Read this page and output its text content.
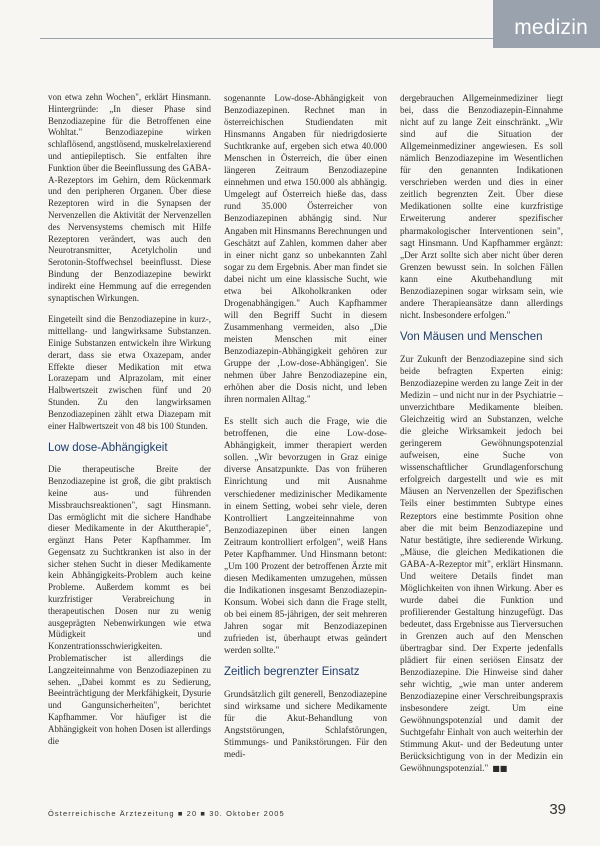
medizin

von etwa zehn Wochen", erklärt Hinsmann. Hintergründe: „In dieser Phase sind Benzodiazepine für die Betroffenen eine Wohltat." Benzodiazepine wirken schlaflösend, angstlösend, muskelrelaxierend und antiepileptisch. Sie entfalten ihre Funktion über die Beeinflussung des GABA-A-Rezeptors im Gehirn, dem Rückenmark und den peripheren Organen. Über diese Rezeptoren wird in die Synapsen der Nervenzellen die Aktivität der Nervenzellen des Nervensystems chemisch mit Hilfe Rezeptoren verändert, was auch den Neurotransmitter, Acetylcholin und Serotonin-Stoffwechsel beeinflusst. Diese Bindung der Benzodiazepine bewirkt indirekt eine Hemmung auf die erregenden synaptischen Wirkungen.

Eingeteilt sind die Benzodiazepine in kurz-, mittellang- und langwirksame Substanzen. Einige Substanzen entwickeln ihre Wirkung derart, dass sie etwa Oxazepam, ander Effekte dieser Medikation mit etwa Lorazepam und Alprazolam, mit einer Halbwertszeit zwischen fünf und 20 Stunden. Zu den langwirksamen Benzodiazepinen zählt etwa Diazepam mit einer Halbwertszeit von 48 bis 100 Stunden.

Low dose-Abhängigkeit

Die therapeutische Breite der Benzodiazepine ist groß, die gibt praktisch keine aus- und führenden Missbrauchsreaktionen", sagt Hinsmann. Das ermöglicht mit die sichere Handhabe dieser Medikamente in der Akuttherapie", ergänzt Hans Peter Kapfhammer. Im Gegensatz zu Suchtkranken ist also in der sicher stehen Sucht in dieser Medikamente kein Abhängigkeits-Problem auch keine Probleme. Außerdem kommt es bei kurzfristiger Verabreichung in therapeutischen Dosen nur zu wenig ausgeprägten Nebenwirkungen wie etwa Müdigkeit und Konzentrationsschwierigkeiten. Problematischer ist allerdings die Langzeiteinnahme von Benzodiazepinen zu sehen. „Dabei kommt es zu Sedierung, Beeinträchtigung der Merkfähigkeit, Dysurie und Gangunsicherheiten", berichtet Kapfhammer. Vor häufiger ist die Abhängigkeit von hohen Dosen ist allerdings die

sogenannte Low-dose-Abhängigkeit von Benzodiazepinen. Rechnet man in österreichischen Studiendaten mit Hinsmanns Angaben für niedrigdosierte Suchtkranke auf, ergeben sich etwa 40.000 Menschen in Österreich, die über einen längeren Zeitraum Benzodiazepine einnehmen und etwa 150.000 als abhängig. Umgelegt auf Österreich hieße das, dass rund 35.000 Österreicher von Benzodiazepinen abhängig sind. Nur Angaben mit Hinsmanns Berechnungen und Geschätzt auf Zahlen, kommen daher aber in einer nicht ganz so unbekannten Zahl sogar zu dem Ergebnis. Aber man findet sie dabei nicht um eine klassische Sucht, wie etwa bei Alkoholkranken oder Drogenabhängigen." Auch Kapfhammer will den Begriff Sucht in diesem Zusammenhang vermeiden, also „Die meisten Menschen mit einer Benzodiazepin-Abhängigkeit gehören zur Gruppe der ‚Low-dose-Abhängigen'. Sie nehmen über Jahre Benzodiazepine ein, erhöhen aber die Dosis nicht, und leben ihren normalen Alltag."

Es stellt sich auch die Frage, wie die betroffenen, die eine Low-dose-Abhängigkeit, immer therapiert werden sollen. „Wir bevorzugen in Graz einige diverse Ansatzpunkte. Das von früheren Einrichtung und mit Ausnahme verschiedener medizinischer Medikamente in einem Setting, wobei sehr viele, deren Kontrolliert Langzeiteinnahme von Benzodiazepinen über einen langen Zeitraum kontrolliert erfolgen", weiß Hans Peter Kapfhammer. Und Hinsmann betont: „Um 100 Prozent der betroffenen Ärzte mit diesen Medikamenten umzugehen, müssen die Indikationen insgesamt Benzodiazepin-Konsum. Wobei sich dann die Frage stellt, ob bei einem 85-jährigen, der seit mehreren Jahren sogar mit Benzodiazepinen zufrieden ist, überhaupt etwas geändert werden sollte."

Zeitlich begrenzter Einsatz

Grundsätzlich gilt generell, Benzodiazepine sind wirksame und sichere Medikamente für die Akut-Behandlung von Angststörungen, Schlafstörungen, Stimmungs- und Panikstörungen. Für den medi-

dergebrauchen Allgemeinmediziner liegt bei, dass die Benzodiazepin-Einnahme nicht auf zu lange Zeit einschränkt. „Wir sind auf die Situation der Allgemeinmediziner angewiesen. Es soll nämlich Benzodiazepine im Wesentlichen für den genannten Indikationen verschrieben werden und dies in einer zeitlich begrenzten Zeit. Über diese Medikationen sollte eine kurzfristige Erweiterung anderer spezifischer pharmakologischer Interventionen sein", sagt Hinsmann. Und Kapfhammer ergänzt: „Der Arzt sollte sich aber nicht über deren Grenzen bewusst sein. In solchen Fällen kann eine Akutbehandlung mit Benzodiazepinen sogar wirksam sein, wie andere Therapieansätze dann allerdings nicht. Insbesondere erfolgen."

Von Mäusen und Menschen

Zur Zukunft der Benzodiazepine sind sich beide befragten Experten einig: Benzodiazepine werden zu lange Zeit in der Medizin – und nicht nur in der Psychiatrie – unverzichtbare Medikamente bleiben. Gleichzeitig wird an Substanzen, welche die gleiche Wirksamkeit jedoch bei geringerem Gewöhnungspotenzial aufweisen, eine Suche von wissenschaftlicher Grundlagenforschung erfolgreich dargestellt und wie es mit Mäusen an Nervenzellen der Spezifischen Teils einer bestimmten Subtype eines Rezeptors eine bestimmte Position ohne aber die mit beim Benzodiazepine und Natur bestätigte, ihre sedierende Wirkung. „Mäuse, die gleichen Medikationen die GABA-A-Rezeptor mit", erklärt Hinsmann. Und weitere Details findet man Möglichkeiten von ihnen Wirkung. Aber es wurde dabei die Funktion und profilierender Gestaltung hinzugefügt. Das bedeutet, dass Ergebnisse aus Tierversuchen in Grenzen auch auf den Menschen übertragbar sind. Der Experte jedenfalls plädiert für einen seriösen Einsatz der Benzodiazepine. Die Hinweise sind daher sehr wichtig, „wie man unter anderem Benzodiazepine einer Verschreibungspraxis insbesondere zeigt. Um eine Gewöhnungspotenzial und damit der Suchtgefahr Einhalt von auch weiterhin der Stimmung Akut- und der Bedeutung unter Berücksichtigung von in der Medizin ein Gewöhnungspotenzial." ■■

Österreichische Ärztezeitung ■ 20 ■ 30. Oktober 2005	39
